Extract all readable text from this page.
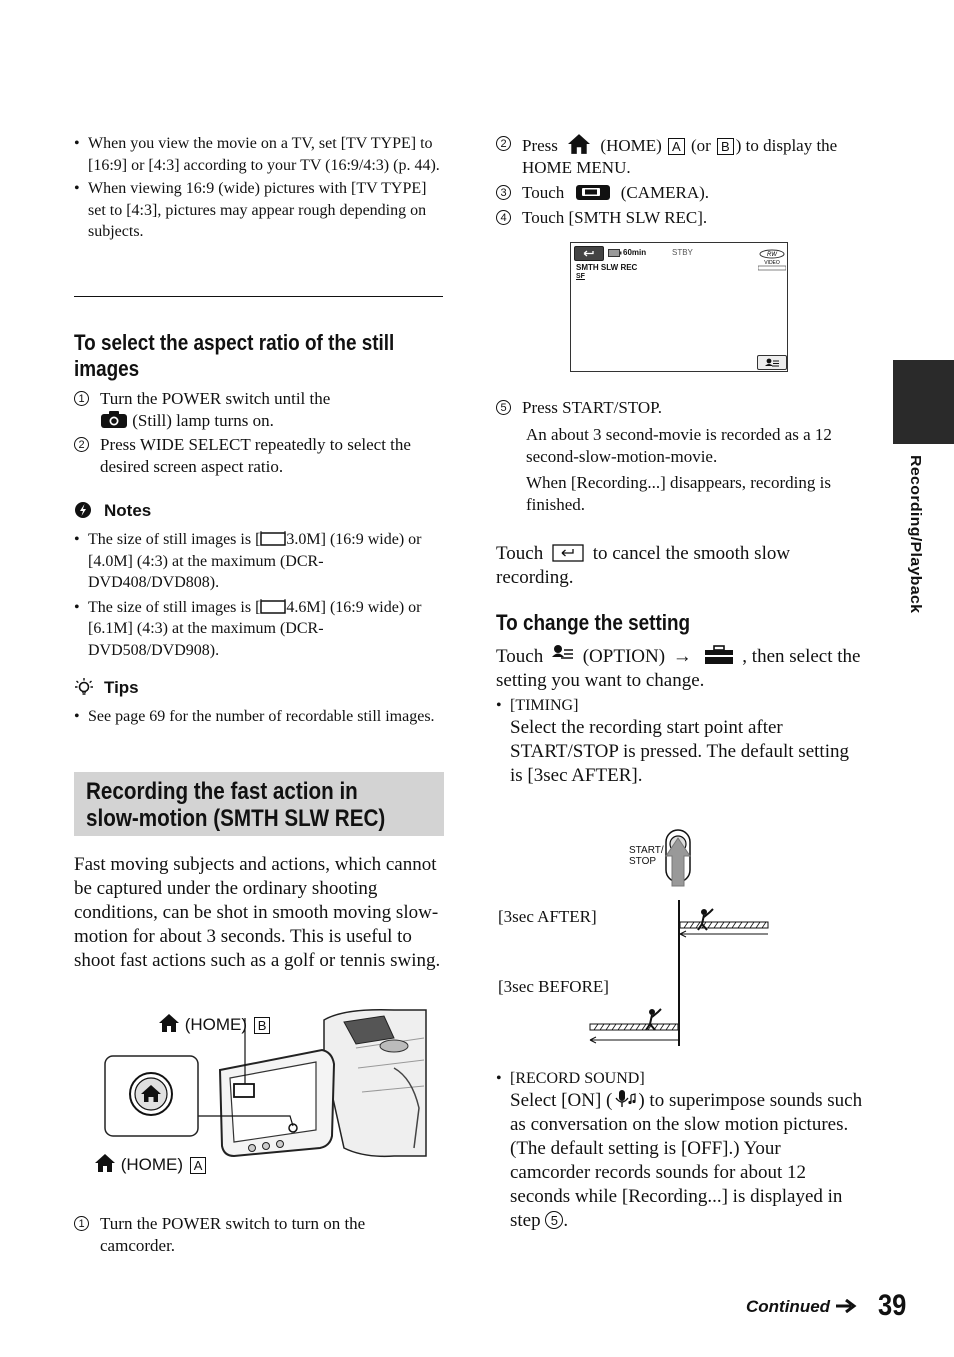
Recording/Playback
• When you view the movie on a TV, set [TV TYPE] to [16:9] or [4:3] according to your TV (16:9/4:3) (p. 44).
• When viewing 16:9 (wide) pictures with [TV TYPE] set to [4:3], pictures may appear rough depending on subjects.
To select the aspect ratio of the still images
1 Turn the POWER switch until the
(Still) lamp turns on.
2 Press WIDE SELECT repeatedly to select the desired screen aspect ratio.
Notes
• The size of still images is [ 3.0M] (16:9 wide) or [4.0M] (4:3) at the maximum (DCR-DVD408/DVD808).
• The size of still images is [ 4.6M] (16:9 wide) or [6.1M] (4:3) at the maximum (DCR-DVD508/DVD908).
Tips
• See page 69 for the number of recordable still images.
Recording the fast action in
slow-motion (SMTH SLW REC)
Fast moving subjects and actions, which cannot be captured under the ordinary shooting conditions, can be shot in smooth moving slow-motion for about 3 seconds. This is useful to shoot fast actions such as a golf or tennis swing.
(HOME) B
(HOME) A
1 Turn the POWER switch to turn on the camcorder.
2 Press	(HOME) A (or B ) to display the HOME MENU.
3 Touch	(CAMERA).
4 Touch [SMTH SLW REC].
60min	STBY	RW
VIDEO
SMTH SLW REC
SF
5 Press START/STOP.
An about 3 second-movie is recorded as a 12 second-slow-motion-movie.
When [Recording...] disappears, recording is finished.
Touch	to cancel the smooth slow recording.
To change the setting
Touch (OPTION) →	, then select the setting you want to change.
• [TIMING]
Select the recording start point after START/STOP is pressed. The default setting is [3sec AFTER].
START/ STOP
[3sec AFTER]
[3sec BEFORE]
• [RECORD SOUND]
Select [ON] ( ) to superimpose sounds such as conversation on the slow motion pictures. (The default setting is [OFF].) Your camcorder records sounds for about 12 seconds while [Recording...] is displayed in step 5 .
Continued	39
